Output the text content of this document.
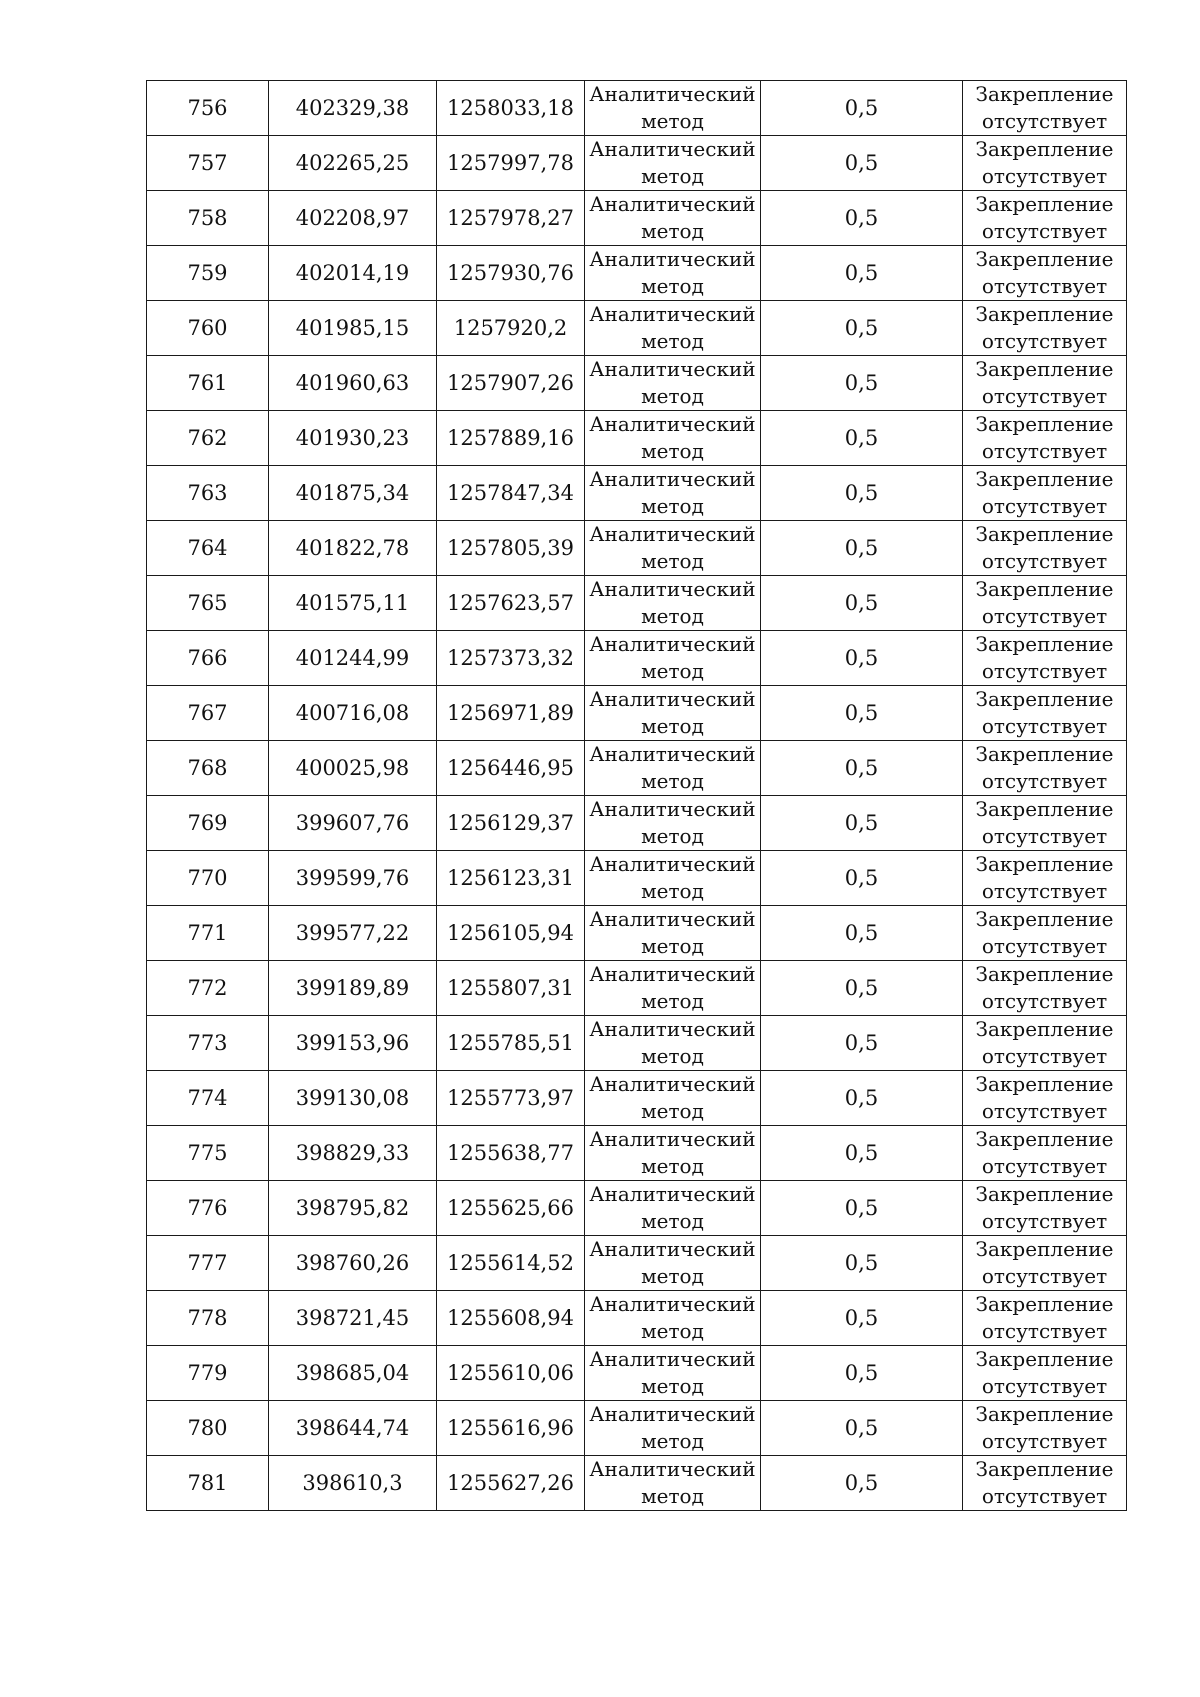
756	402329,38	1258033,18	Аналитический метод	0,5	Закрепление отсутствует
757	402265,25	1257997,78	Аналитический метод	0,5	Закрепление отсутствует
758	402208,97	1257978,27	Аналитический метод	0,5	Закрепление отсутствует
759	402014,19	1257930,76	Аналитический метод	0,5	Закрепление отсутствует
760	401985,15	1257920,2	Аналитический метод	0,5	Закрепление отсутствует
761	401960,63	1257907,26	Аналитический метод	0,5	Закрепление отсутствует
762	401930,23	1257889,16	Аналитический метод	0,5	Закрепление отсутствует
763	401875,34	1257847,34	Аналитический метод	0,5	Закрепление отсутствует
764	401822,78	1257805,39	Аналитический метод	0,5	Закрепление отсутствует
765	401575,11	1257623,57	Аналитический метод	0,5	Закрепление отсутствует
766	401244,99	1257373,32	Аналитический метод	0,5	Закрепление отсутствует
767	400716,08	1256971,89	Аналитический метод	0,5	Закрепление отсутствует
768	400025,98	1256446,95	Аналитический метод	0,5	Закрепление отсутствует
769	399607,76	1256129,37	Аналитический метод	0,5	Закрепление отсутствует
770	399599,76	1256123,31	Аналитический метод	0,5	Закрепление отсутствует
771	399577,22	1256105,94	Аналитический метод	0,5	Закрепление отсутствует
772	399189,89	1255807,31	Аналитический метод	0,5	Закрепление отсутствует
773	399153,96	1255785,51	Аналитический метод	0,5	Закрепление отсутствует
774	399130,08	1255773,97	Аналитический метод	0,5	Закрепление отсутствует
775	398829,33	1255638,77	Аналитический метод	0,5	Закрепление отсутствует
776	398795,82	1255625,66	Аналитический метод	0,5	Закрепление отсутствует
777	398760,26	1255614,52	Аналитический метод	0,5	Закрепление отсутствует
778	398721,45	1255608,94	Аналитический метод	0,5	Закрепление отсутствует
779	398685,04	1255610,06	Аналитический метод	0,5	Закрепление отсутствует
780	398644,74	1255616,96	Аналитический метод	0,5	Закрепление отсутствует
781	398610,3	1255627,26	Аналитический метод	0,5	Закрепление отсутствует
